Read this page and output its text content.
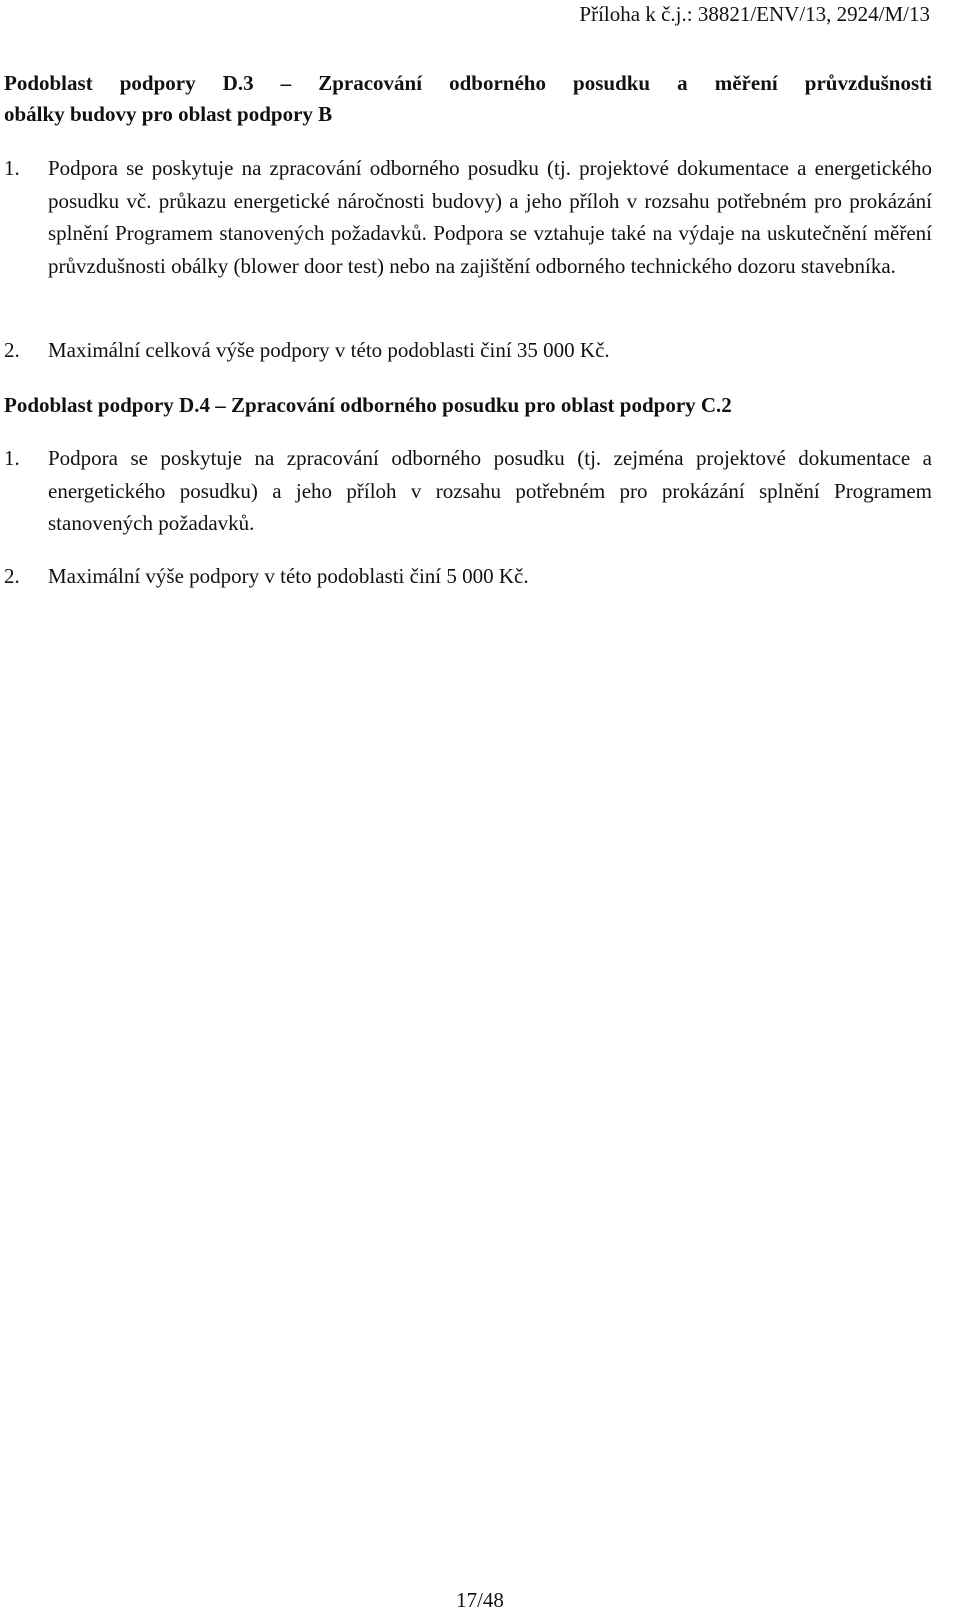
Příloha k č.j.: 38821/ENV/13, 2924/M/13

Podoblast podpory D.3 – Zpracování odborného posudku a měření průvzdušnosti
obálky budovy pro oblast podpory B

1. Podpora se poskytuje na zpracování odborného posudku (tj. projektové dokumentace a energetického posudku vč. průkazu energetické náročnosti budovy) a jeho příloh v rozsahu potřebném pro prokázání splnění Programem stanovených požadavků. Podpora se vztahuje také na výdaje na uskutečnění měření průvzdušnosti obálky (blower door test) nebo na zajištění odborného technického dozoru stavebníka.

2. Maximální celková výše podpory v této podoblasti činí 35 000 Kč.

Podoblast podpory D.4 – Zpracování odborného posudku pro oblast podpory C.2

1. Podpora se poskytuje na zpracování odborného posudku (tj. zejména projektové dokumentace a energetického posudku) a jeho příloh v rozsahu potřebném pro prokázání splnění Programem stanovených požadavků.

2. Maximální výše podpory v této podoblasti činí 5 000 Kč.

17/48
